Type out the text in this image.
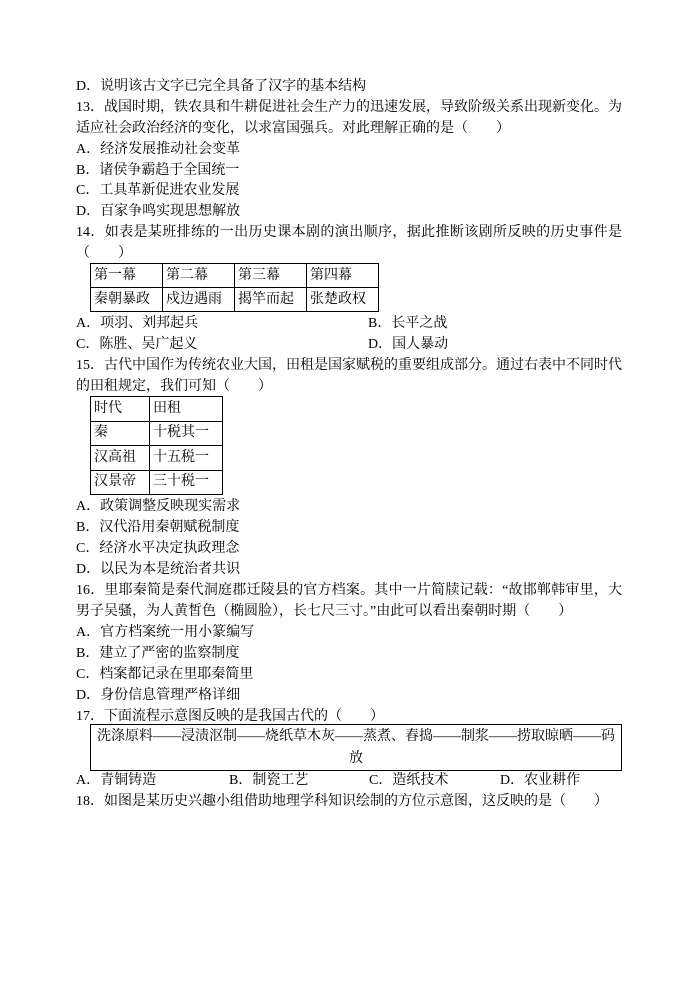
D．说明该古文字已完全具备了汉字的基本结构
13．战国时期，铁农具和牛耕促进社会生产力的迅速发展，导致阶级关系出现新变化。为
适应社会政治经济的变化，以求富国强兵。对此理解正确的是（　　）
A．经济发展推动社会变革
B．诸侯争霸趋于全国统一
C．工具革新促进农业发展
D．百家争鸣实现思想解放
14．如表是某班排练的一出历史课本剧的演出顺序，据此推断该剧所反映的历史事件是
（　　）
第一幕	第二幕	第三幕	第四幕
秦朝暴政	戍边遇雨	揭竿而起	张楚政权
A．项羽、刘邦起兵	B．长平之战
C．陈胜、吴广起义	D．国人暴动
15．古代中国作为传统农业大国，田租是国家赋税的重要组成部分。通过右表中不同时代
的田租规定，我们可知（　　）
时代	田租
秦	十税其一
汉高祖	十五税一
汉景帝	三十税一
A．政策调整反映现实需求
B．汉代沿用秦朝赋税制度
C．经济水平决定执政理念
D．以民为本是统治者共识
16．里耶秦简是秦代洞庭郡迁陵县的官方档案。其中一片简牍记载：“故邯郸韩审里，大
男子吴骚，为人黄皙色（椭圆脸），长七尺三寸。”由此可以看出秦朝时期（　　）
A．官方档案统一用小篆编写
B．建立了严密的监察制度
C．档案都记录在里耶秦简里
D．身份信息管理严格详细
17．下面流程示意图反映的是我国古代的（　　）
洗涤原料——浸渍沤制——烧纸草木灰——蒸煮、舂捣——制浆——捞取晾晒——码
放
A．青铜铸造	B．制瓷工艺	C．造纸技术	D．农业耕作
18．如图是某历史兴趣小组借助地理学科知识绘制的方位示意图，这反映的是（　　）
